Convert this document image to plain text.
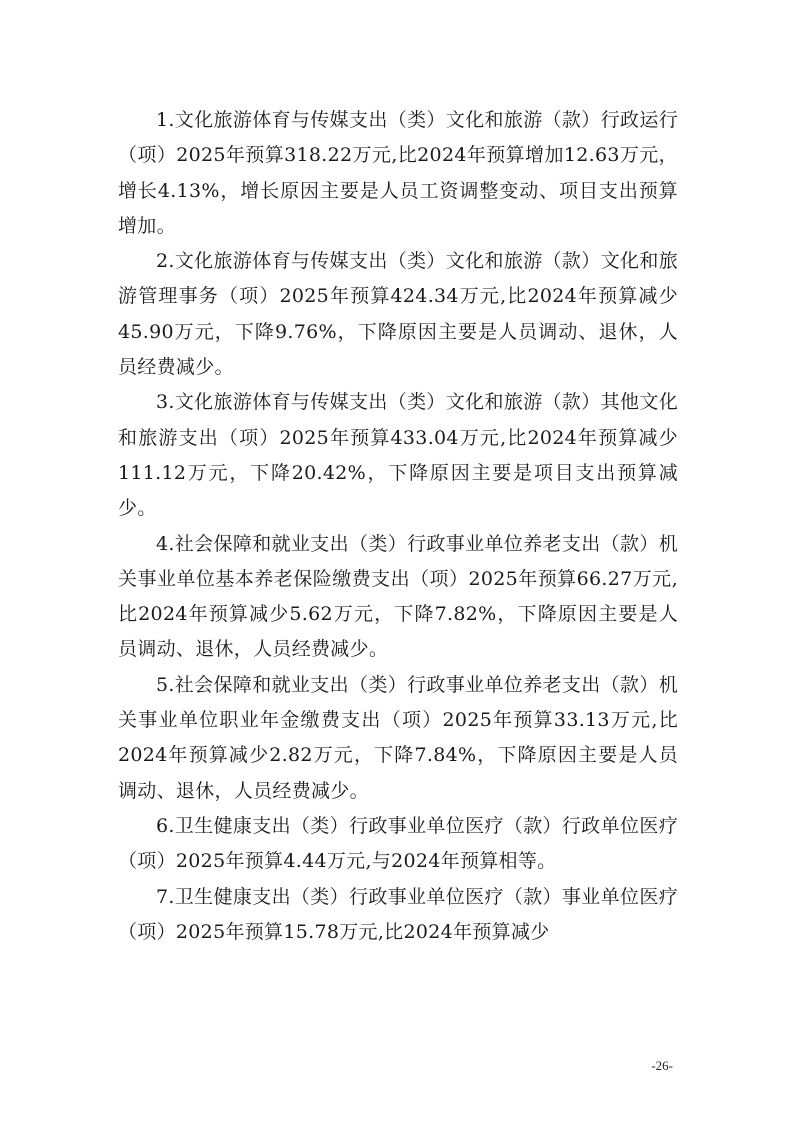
1.文化旅游体育与传媒支出（类）文化和旅游（款）行政运行（项）2025年预算318.22万元,比2024年预算增加12.63万元，增长4.13%，增长原因主要是人员工资调整变动、项目支出预算增加。

2.文化旅游体育与传媒支出（类）文化和旅游（款）文化和旅游管理事务（项）2025年预算424.34万元,比2024年预算减少45.90万元，下降9.76%，下降原因主要是人员调动、退休，人员经费减少。

3.文化旅游体育与传媒支出（类）文化和旅游（款）其他文化和旅游支出（项）2025年预算433.04万元,比2024年预算减少111.12万元，下降20.42%，下降原因主要是项目支出预算减少。

4.社会保障和就业支出（类）行政事业单位养老支出（款）机关事业单位基本养老保险缴费支出（项）2025年预算66.27万元,比2024年预算减少5.62万元，下降7.82%，下降原因主要是人员调动、退休，人员经费减少。

5.社会保障和就业支出（类）行政事业单位养老支出（款）机关事业单位职业年金缴费支出（项）2025年预算33.13万元,比2024年预算减少2.82万元，下降7.84%，下降原因主要是人员调动、退休，人员经费减少。

6.卫生健康支出（类）行政事业单位医疗（款）行政单位医疗（项）2025年预算4.44万元,与2024年预算相等。

7.卫生健康支出（类）行政事业单位医疗（款）事业单位医疗（项）2025年预算15.78万元,比2024年预算减少

-26-
